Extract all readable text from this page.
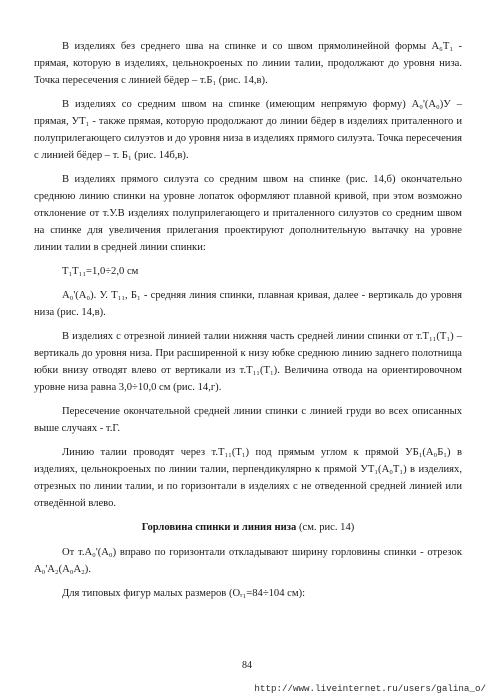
В изделиях без среднего шва на спинке и со швом прямолинейной формы А₆Т₁ - прямая, которую в изделиях, цельнокроеных по линии талии, продолжают до уровня низа. Точка пересечения с линией бёдер – т.Б₁ (рис. 14,в).

В изделиях со средним швом на спинке (имеющим непрямую форму) А₀'(А₀)У – прямая, УТ₁ - также прямая, которую продолжают до линии бёдер в изделиях приталенного и полуприлегающего силуэтов и до уровня низа в изделиях прямого силуэта. Точка пересечения с линией бёдер – т. Б₁ (рис. 14б,в).

В изделиях прямого силуэта со средним швом на спинке (рис. 14,б) окончательно среднюю линию спинки на уровне лопаток оформляют плавной кривой, при этом возможно отклонение от т.У.В изделиях полуприлегающего и приталенного силуэтов со средним швом на спинке для увеличения прилегания проектируют дополнительную вытачку на уровне линии талии в средней линии спинки:

Т₁Т₁₁=1,0÷2,0 см

А₀'(А₀). У. Т₁₁, Б₁ - средняя линия спинки, плавная кривая, далее - вертикаль до уровня низа (рис. 14,в).

В изделиях с отрезной линией талии нижняя часть средней линии спинки от т.Т₁₁(Т₁) – вертикаль до уровня низа. При расширенной к низу юбке среднюю линию заднего полотнища юбки внизу отводят влево от вертикали из т.Т₁₁(Т₁). Величина отвода на ориентировочном уровне низа равна 3,0÷10,0 см (рис. 14,г).

Пересечение окончательной средней линии спинки с линией груди во всех описанных выше случаях - т.Г.

Линию талии проводят через т.Т₁₁(Т₁) под прямым углом к прямой УБ₁(А₀Б₁) в изделиях, цельнокроеных по линии талии, перпендикулярно к прямой УТ₁(А₀Т₁) в изделиях, отрезных по линии талии, и по горизонтали в изделиях с не отведенной средней линией или отведённой влево.

Горловина спинки и линия низа (см. рис. 14)

От т.А₀'(А₀) вправо по горизонтали откладывают ширину горловины спинки - отрезок А₀'А₂(А₀А₂).

Для типовых фигур малых размеров (Оᵣ₁=84÷104 см):

84
http://www.liveinternet.ru/users/galina_o/
